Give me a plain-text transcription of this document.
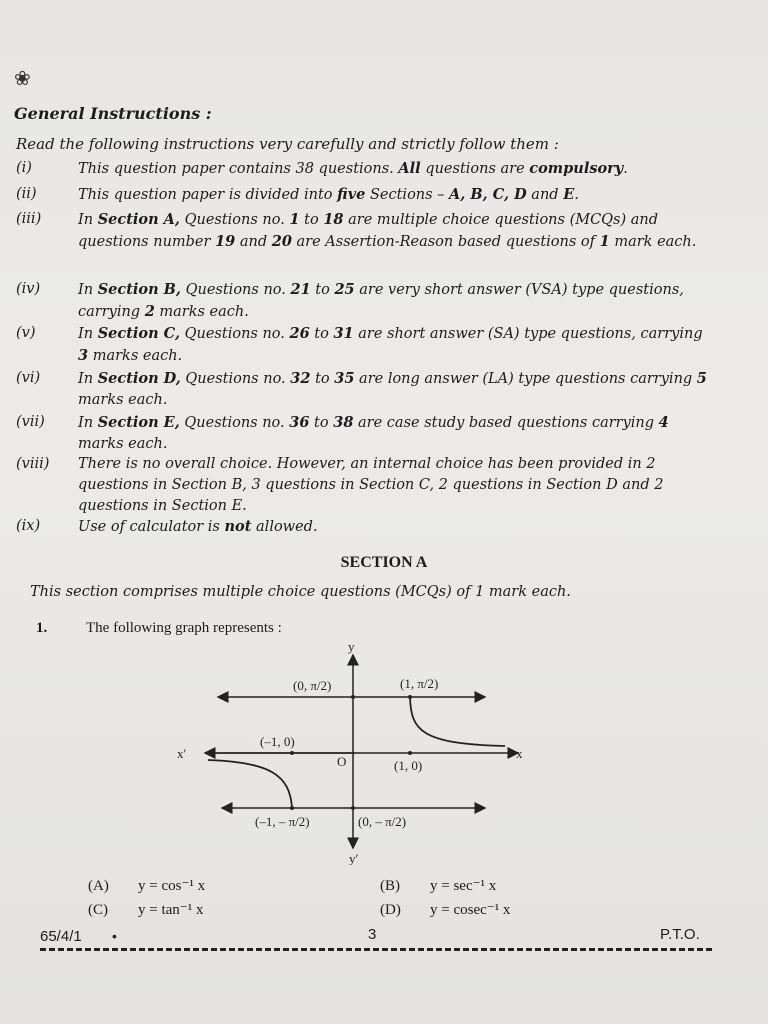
❀
General Instructions :
Read the following instructions very carefully and strictly follow them :
(i)	This question paper contains 38 questions. All questions are compulsory.
(ii)	This question paper is divided into five Sections – A, B, C, D and E.
(iii)	In Section A, Questions no. 1 to 18 are multiple choice questions (MCQs) and questions number 19 and 20 are Assertion-Reason based questions of 1 mark each.
(iv)	In Section B, Questions no. 21 to 25 are very short answer (VSA) type questions, carrying 2 marks each.
(v)	In Section C, Questions no. 26 to 31 are short answer (SA) type questions, carrying 3 marks each.
(vi)	In Section D, Questions no. 32 to 35 are long answer (LA) type questions carrying 5 marks each.
(vii)	In Section E, Questions no. 36 to 38 are case study based questions carrying 4 marks each.
(viii)	There is no overall choice. However, an internal choice has been provided in 2 questions in Section B, 3 questions in Section C, 2 questions in Section D and 2 questions in Section E.
(ix)	Use of calculator is not allowed.
SECTION A
This section comprises multiple choice questions (MCQs) of 1 mark each.
1.	The following graph represents :
y
y′
x
x′
O
(0, π/2)	(1, π/2)
(–1, 0)
(1, 0)
(–1, – π/2)	(0, – π/2)
(A) y = cos⁻¹ x	(B) y = sec⁻¹ x
(C) y = tan⁻¹ x	(D) y = cosec⁻¹ x
65/4/1 •	3	P.T.O.
